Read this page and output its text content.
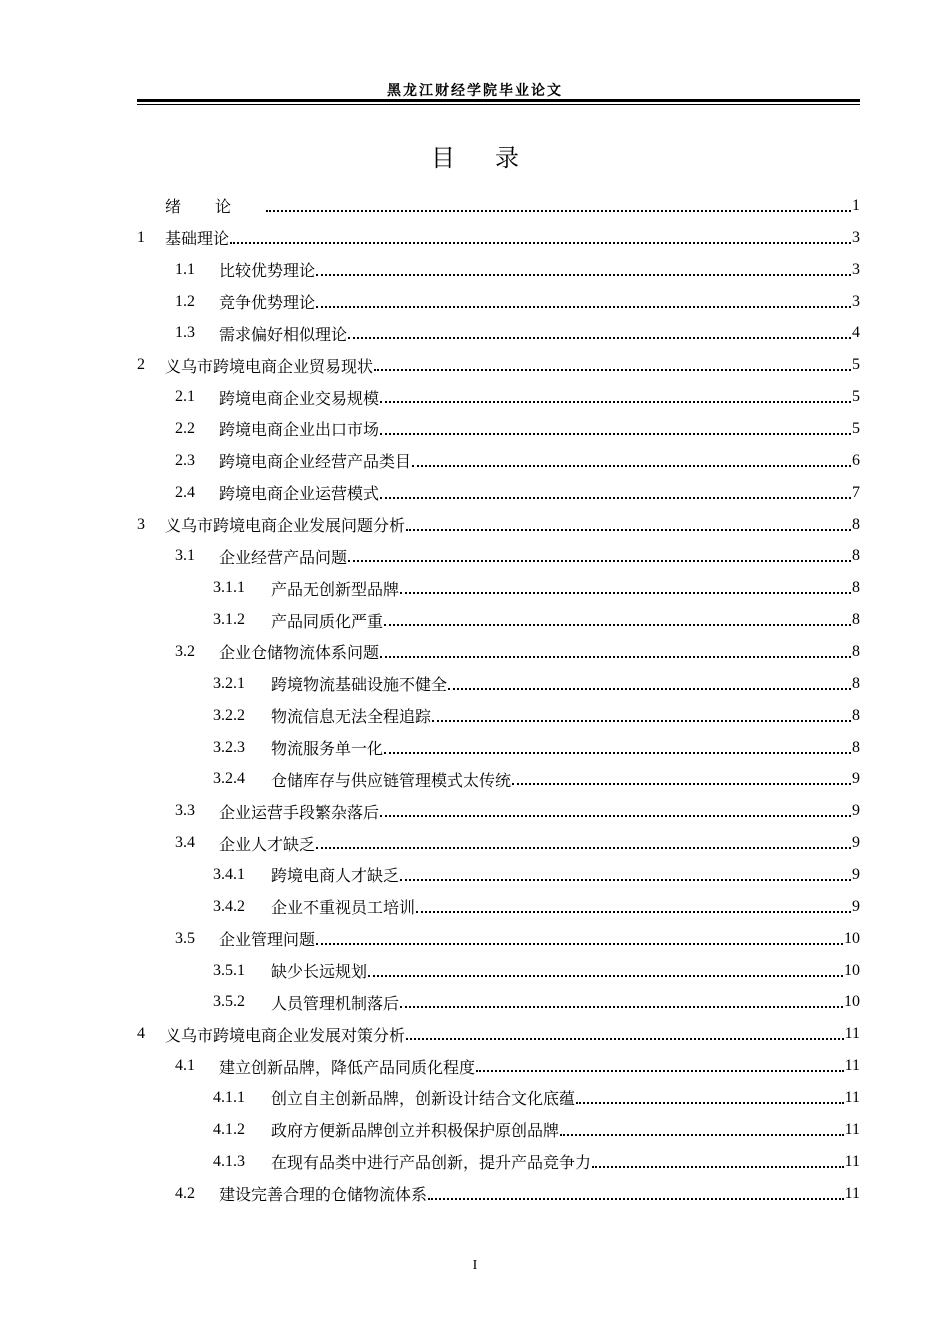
黑龙江财经学院毕业论文
目录
绪论	1
1	基础理论	3
1.1	比较优势理论	3
1.2	竞争优势理论	3
1.3	需求偏好相似理论	4
2	义乌市跨境电商企业贸易现状	5
2.1	跨境电商企业交易规模	5
2.2	跨境电商企业出口市场	5
2.3	跨境电商企业经营产品类目	6
2.4	跨境电商企业运营模式	7
3	义乌市跨境电商企业发展问题分析	8
3.1	企业经营产品问题	8
3.1.1	产品无创新型品牌	8
3.1.2	产品同质化严重	8
3.2	企业仓储物流体系问题	8
3.2.1	跨境物流基础设施不健全	8
3.2.2	物流信息无法全程追踪	8
3.2.3	物流服务单一化	8
3.2.4	仓储库存与供应链管理模式太传统	9
3.3	企业运营手段繁杂落后	9
3.4	企业人才缺乏	9
3.4.1	跨境电商人才缺乏	9
3.4.2	企业不重视员工培训	9
3.5	企业管理问题	10
3.5.1	缺少长远规划	10
3.5.2	人员管理机制落后	10
4	义乌市跨境电商企业发展对策分析	11
4.1	建立创新品牌，降低产品同质化程度	11
4.1.1	创立自主创新品牌，创新设计结合文化底蕴	11
4.1.2	政府方便新品牌创立并积极保护原创品牌	11
4.1.3	在现有品类中进行产品创新，提升产品竞争力	11
4.2	建设完善合理的仓储物流体系	11
I
